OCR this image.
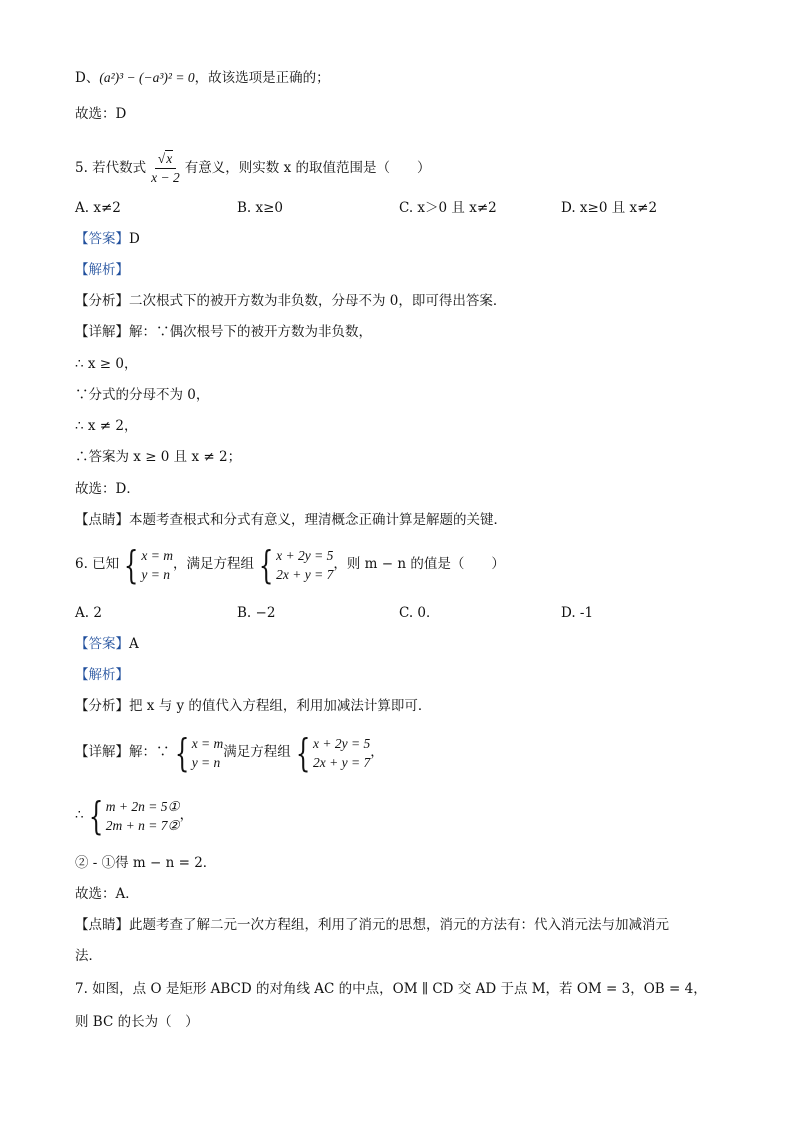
D、(a²)³ − (−a³)² = 0，故该选项是正确的；
故选：D
5. 若代数式 $\frac{√x}{x - 2}$ 有意义，则实数 x 的取值范围是（　　）
A. x≠2	B. x≥0	C. x＞0 且 x≠2	D. x≥0 且 x≠2
【答案】D
【解析】
【分析】二次根式下的被开方数为非负数，分母不为 0，即可得出答案．
【详解】解：∵偶次根号下的被开方数为非负数，
∴ x ≥ 0，
∵分式的分母不为 0，
∴ x ≠ 2，
∴答案为 x ≥ 0 且 x ≠ 2；
故选：D．
【点睛】本题考查根式和分式有意义，理清概念正确计算是解题的关键．
6. 已知 { x = m
y = n
，满足方程组 { x + 2y = 5
2x + y = 7
，则 m − n 的值是（　　）
A. 2	B. −2	C. 0．	D. -1
【答案】A
【解析】
【分析】把 x 与 y 的值代入方程组，利用加减法计算即可．
【详解】解：∵ { x = m
y = n
满足方程组 { x + 2y = 5
2x + y = 7
，
∴ { m + 2n = 5①
2m + n = 7②
，
② - ①得 m − n = 2．
故选：A．
【点睛】此题考查了解二元一次方程组，利用了消元的思想，消元的方法有：代入消元法与加减消元
法．
7. 如图，点 O 是矩形 ABCD 的对角线 AC 的中点，OM ∥ CD 交 AD 于点 M，若 OM = 3，OB = 4，
则 BC 的长为（　）
